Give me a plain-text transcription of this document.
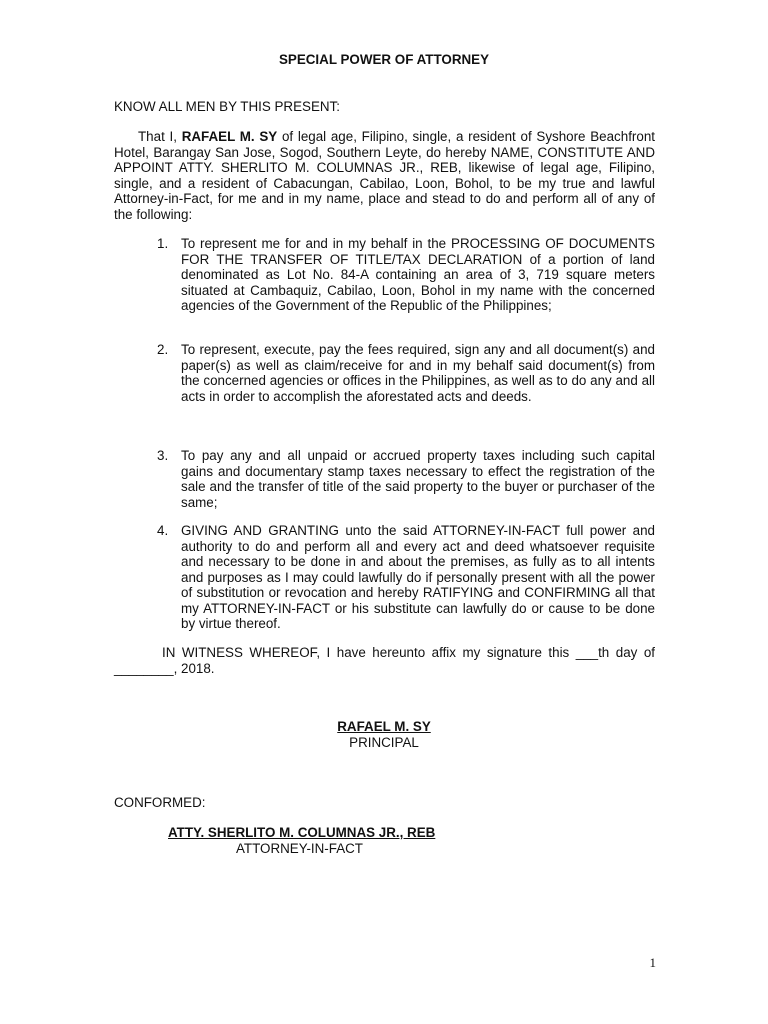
SPECIAL POWER OF ATTORNEY
KNOW ALL MEN BY THIS PRESENT:
That I, RAFAEL M. SY of legal age, Filipino, single, a resident of Syshore Beachfront Hotel, Barangay San Jose, Sogod, Southern Leyte, do hereby NAME, CONSTITUTE AND APPOINT ATTY. SHERLITO M. COLUMNAS JR., REB, likewise of legal age, Filipino, single, and a resident of Cabacungan, Cabilao, Loon, Bohol, to be my true and lawful Attorney-in-Fact, for me and in my name, place and stead to do and perform all of any of the following:
1. To represent me for and in my behalf in the PROCESSING OF DOCUMENTS FOR THE TRANSFER OF TITLE/TAX DECLARATION of a portion of land denominated as Lot No. 84-A containing an area of 3, 719 square meters situated at Cambaquiz, Cabilao, Loon, Bohol in my name with the concerned agencies of the Government of the Republic of the Philippines;
2. To represent, execute, pay the fees required, sign any and all document(s) and paper(s) as well as claim/receive for and in my behalf said document(s) from the concerned agencies or offices in the Philippines, as well as to do any and all acts in order to accomplish the aforestated acts and deeds.
3. To pay any and all unpaid or accrued property taxes including such capital gains and documentary stamp taxes necessary to effect the registration of the sale and the transfer of title of the said property to the buyer or purchaser of the same;
4. GIVING AND GRANTING unto the said ATTORNEY-IN-FACT full power and authority to do and perform all and every act and deed whatsoever requisite and necessary to be done in and about the premises, as fully as to all intents and purposes as I may could lawfully do if personally present with all the power of substitution or revocation and hereby RATIFYING and CONFIRMING all that my ATTORNEY-IN-FACT or his substitute can lawfully do or cause to be done by virtue thereof.
IN WITNESS WHEREOF, I have hereunto affix my signature this ___th day of ________, 2018.
RAFAEL M. SY
PRINCIPAL
CONFORMED:
ATTY. SHERLITO M. COLUMNAS JR., REB
ATTORNEY-IN-FACT
1
